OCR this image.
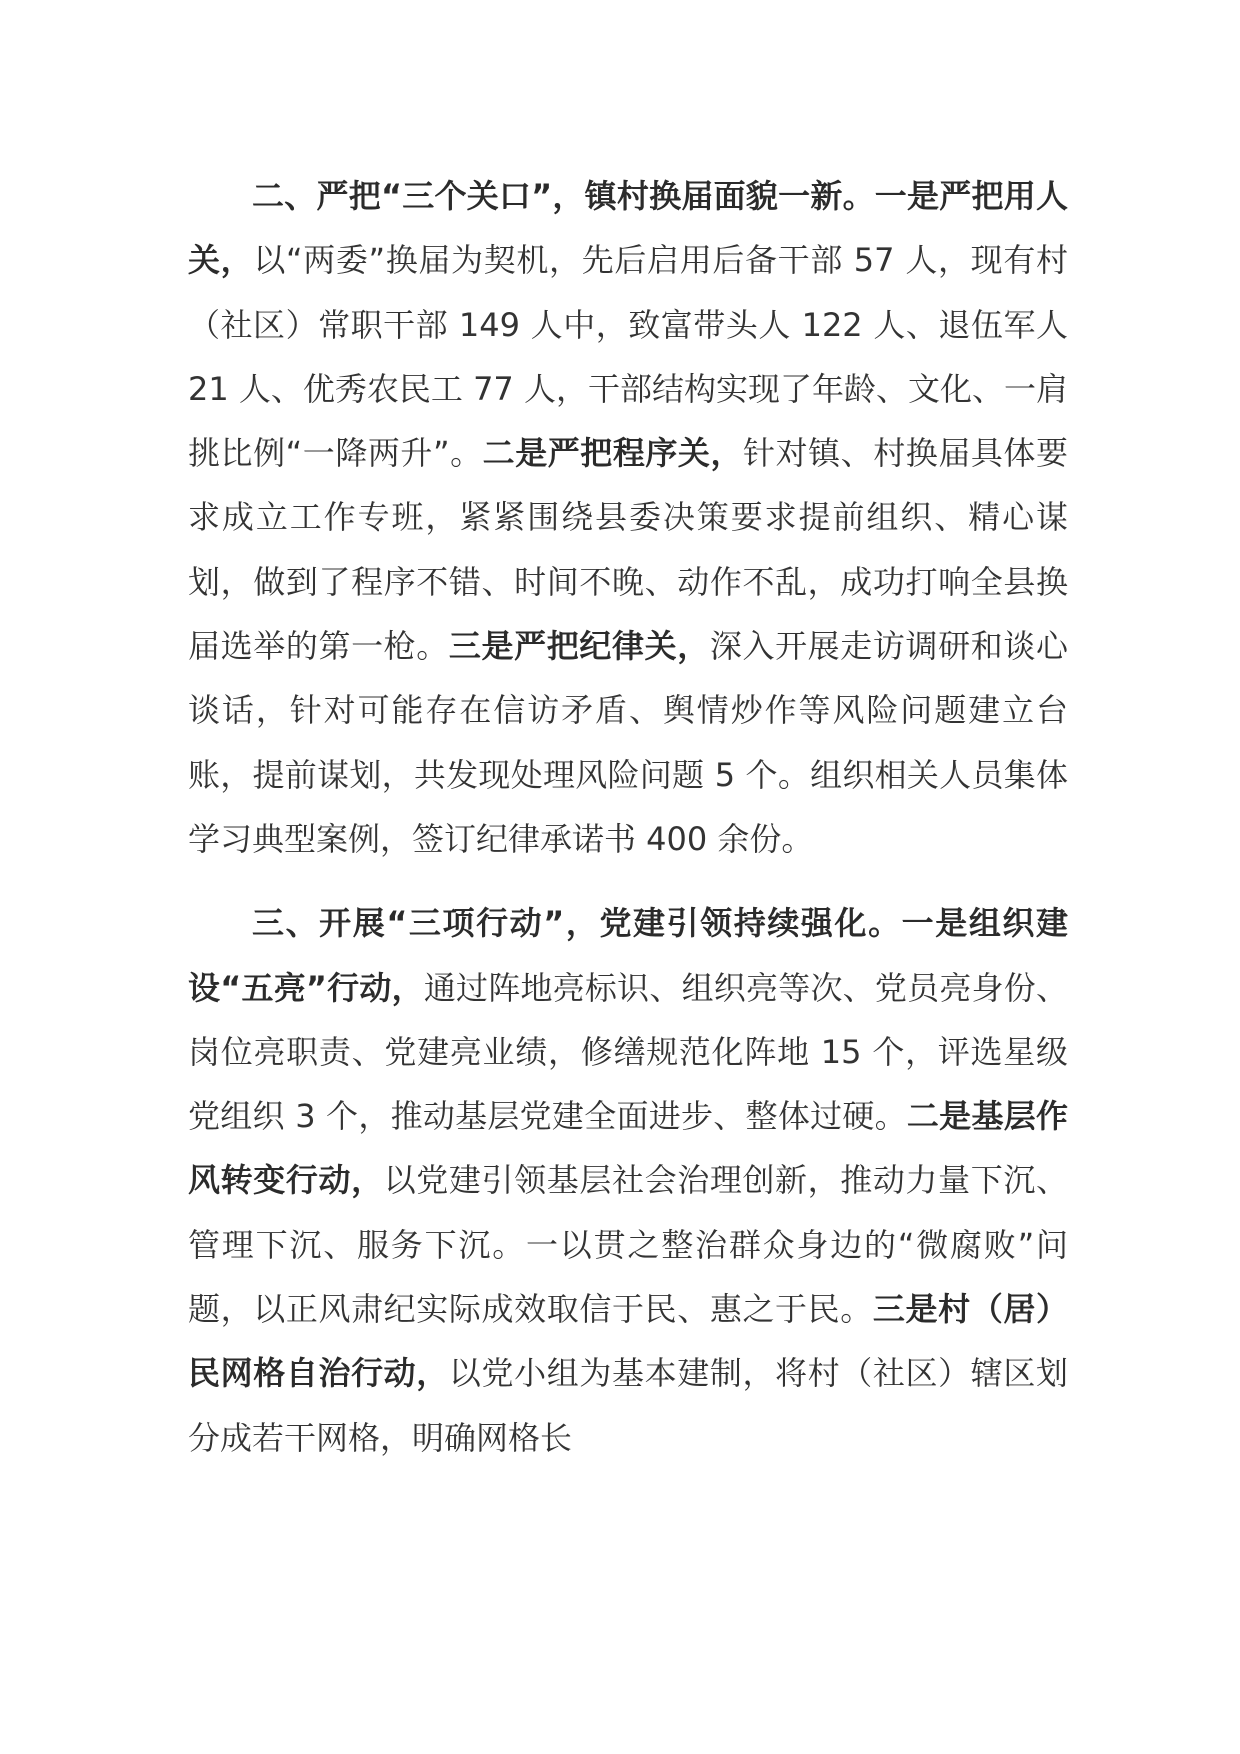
二、严把“三个关口”，镇村换届面貌一新。一是严把用人关，以“两委”换届为契机，先后启用后备干部 57 人，现有村（社区）常职干部 149 人中，致富带头人 122 人、退伍军人 21 人、优秀农民工 77 人，干部结构实现了年龄、文化、一肩挑比例“一降两升”。二是严把程序关，针对镇、村换届具体要求成立工作专班，紧紧围绕县委决策要求提前组织、精心谋划，做到了程序不错、时间不晚、动作不乱，成功打响全县换届选举的第一枪。三是严把纪律关，深入开展走访调研和谈心谈话，针对可能存在信访矛盾、舆情炒作等风险问题建立台账，提前谋划，共发现处理风险问题 5 个。组织相关人员集体学习典型案例，签订纪律承诺书 400 余份。

三、开展“三项行动”，党建引领持续强化。一是组织建设“五亮”行动，通过阵地亮标识、组织亮等次、党员亮身份、岗位亮职责、党建亮业绩，修缮规范化阵地 15 个，评选星级党组织 3 个，推动基层党建全面进步、整体过硬。二是基层作风转变行动，以党建引领基层社会治理创新，推动力量下沉、管理下沉、服务下沉。一以贯之整治群众身边的“微腐败”问题，以正风肃纪实际成效取信于民、惠之于民。三是村（居）民网格自治行动，以党小组为基本建制，将村（社区）辖区划分成若干网格，明确网格长
